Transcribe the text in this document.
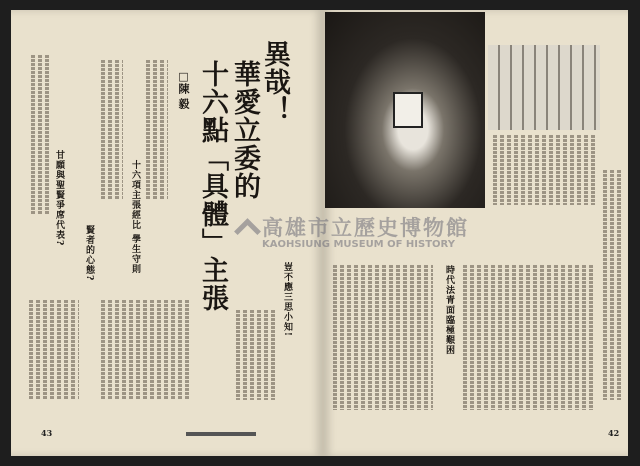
甘願與聖賢爭席代表?	十六項主張經比 學生守則
賢者的心態?
異哉！
華愛立委的
十六點「具體」主張
□陳 毅
豈不應三思小知!
43
時代法青面臨極艱困
42
高雄市立歷史博物館
KAOHSIUNG MUSEUM OF HISTORY
